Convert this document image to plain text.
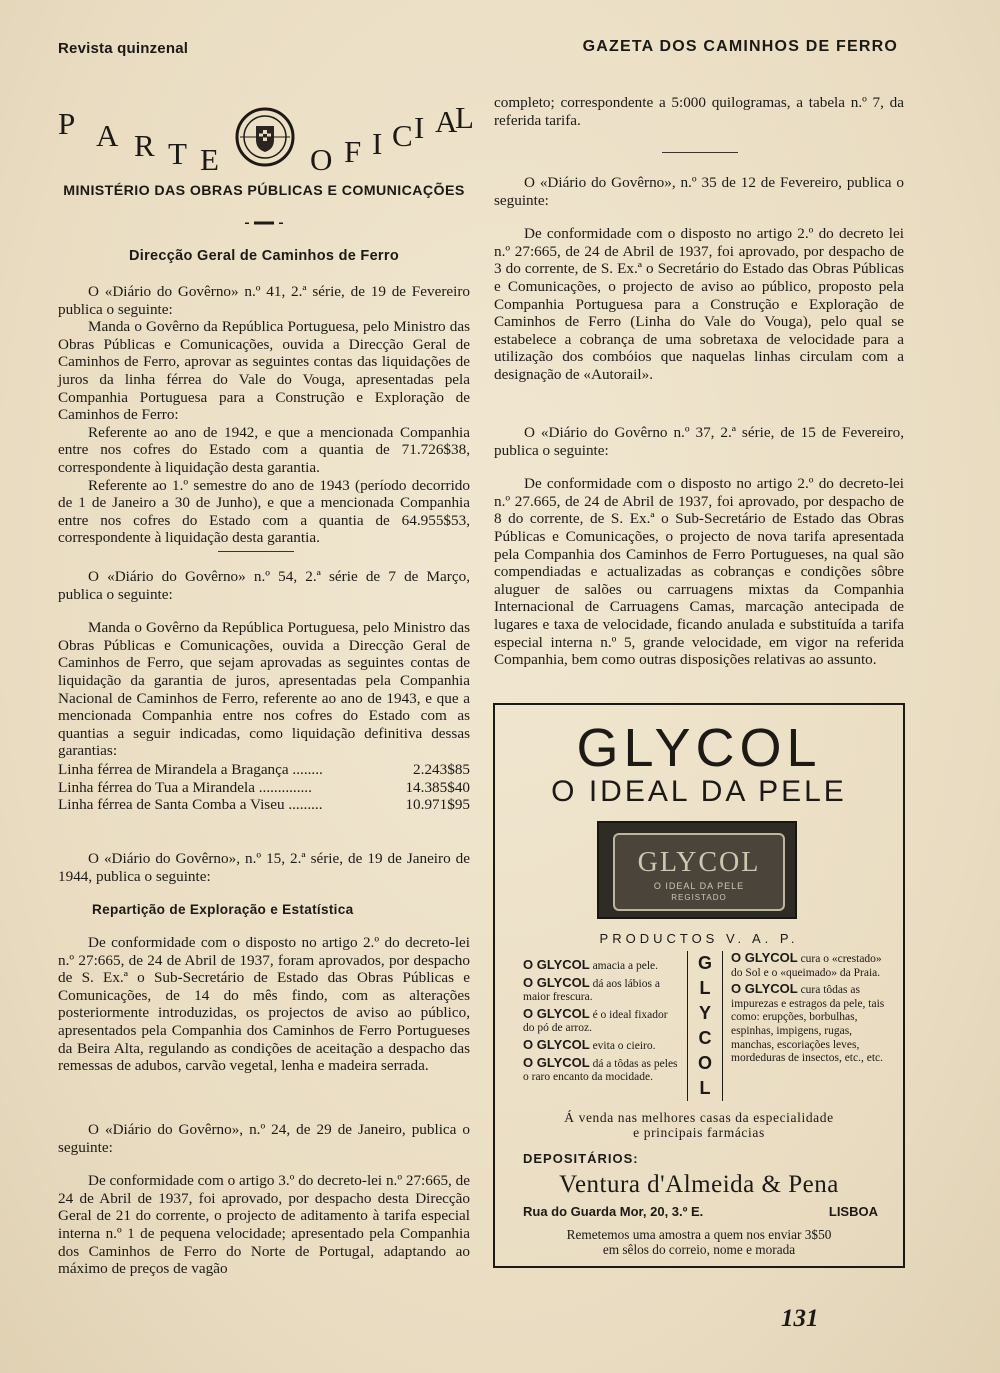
Revista quinzenal	GAZETA DOS CAMINHOS DE FERRO
P A R T E	O F I C I A
L
MINISTÉRIO DAS OBRAS PÚBLICAS E COMUNICAÇÕES
Direcção Geral de Caminhos de Ferro

O «Diário do Govêrno» n.º 41, 2.ª série, de 19 de Fevereiro publica o seguinte:

Manda o Govêrno da República Portuguesa, pelo Ministro das Obras Públicas e Comunicações, ouvida a Direcção Geral de Caminhos de Ferro, aprovar as seguintes contas das liquidações de juros da linha férrea do Vale do Vouga, apresentadas pela Companhia Portuguesa para a Construção e Exploração de Caminhos de Ferro:

Referente ao ano de 1942, e que a mencionada Companhia entre nos cofres do Estado com a quantia de 71.726$38, correspondente à liquidação desta garantia.

Referente ao 1.º semestre do ano de 1943 (período decorrido de 1 de Janeiro a 30 de Junho), e que a mencionada Companhia entre nos cofres do Estado com a quantia de 64.955$53, correspondente à liquidação desta garantia.

O «Diário do Govêrno» n.º 54, 2.ª série de 7 de Março, publica o seguinte:

Manda o Govêrno da República Portuguesa, pelo Ministro das Obras Públicas e Comunicações, ouvida a Direcção Geral de Caminhos de Ferro, que sejam aprovadas as seguintes contas de liquidação da garantia de juros, apresentadas pela Companhia Nacional de Caminhos de Ferro, referente ao ano de 1943, e que a mencionada Companhia entre nos cofres do Estado com as quantias a seguir indicadas, como liquidação definitiva dessas garantias:

Linha férrea de Mirandela a Bragança ........	2.243$85
Linha férrea do Tua a Mirandela ..............	14.385$40
Linha férrea de Santa Comba a Viseu .........	10.971$95

O «Diário do Govêrno», n.º 15, 2.ª série, de 19 de Janeiro de 1944, publica o seguinte:

Repartição de Exploração e Estatística

De conformidade com o disposto no artigo 2.º do decreto-lei n.º 27:665, de 24 de Abril de 1937, foram aprovados, por despacho de S. Ex.ª o Sub-Secretário de Estado das Obras Públicas e Comunicações, de 14 do mês findo, com as alterações posteriormente introduzidas, os projectos de aviso ao público, apresentados pela Companhia dos Caminhos de Ferro Portugueses da Beira Alta, regulando as condições de aceitação a despacho das remessas de adubos, carvão vegetal, lenha e madeira serrada.

O «Diário do Govêrno», n.º 24, de 29 de Janeiro, publica o seguinte:

De conformidade com o artigo 3.º do decreto-lei n.º 27:665, de 24 de Abril de 1937, foi aprovado, por despacho desta Direcção Geral de 21 do corrente, o projecto de aditamento à tarifa especial interna n.º 1 de pequena velocidade; apresentado pela Companhia dos Caminhos de Ferro do Norte de Portugal, adaptando ao máximo de preços de vagão

completo; correspondente a 5:000 quilogramas, a tabela n.º 7, da referida tarifa.

O «Diário do Govêrno», n.º 35 de 12 de Fevereiro, publica o seguinte:

De conformidade com o disposto no artigo 2.º do decreto lei n.º 27:665, de 24 de Abril de 1937, foi aprovado, por despacho de 3 do corrente, de S. Ex.ª o Secretário do Estado das Obras Públicas e Comunicações, o projecto de aviso ao público, proposto pela Companhia Portuguesa para a Construção e Exploração de Caminhos de Ferro (Linha do Vale do Vouga), pelo qual se estabelece a cobrança de uma sobretaxa de velocidade para a utilização dos combóios que naquelas linhas circulam com a designação de «Autorail».

O «Diário do Govêrno n.º 37, 2.ª série, de 15 de Fevereiro, publica o seguinte:

De conformidade com o disposto no artigo 2.º do decreto-lei n.º 27.665, de 24 de Abril de 1937, foi aprovado, por despacho de 8 do corrente, de S. Ex.ª o Sub-Secretário de Estado das Obras Públicas e Comunicações, o projecto de nova tarifa apresentada pela Companhia dos Caminhos de Ferro Portugueses, na qual são compendiadas e actualizadas as cobranças e condições sôbre aluguer de salões ou carruagens mixtas da Companhia Internacional de Carruagens Camas, marcação antecipada de lugares e taxa de velocidade, ficando anulada e substituída a tarifa especial interna n.º 5, grande velocidade, em vigor na referida Companhia, bem como outras disposições relativas ao assunto.

GLYCOL
O IDEAL DA PELE
GLYCOL
O IDEAL DA PELE
REGISTADO
PRODUCTOS V. A. P.
O GLYCOL amacia a pele.
O GLYCOL dá aos lábios a maior frescura.
O GLYCOL é o ideal fixador do pó de arroz.
O GLYCOL evita o cieiro.
O GLYCOL dá a tôdas as peles o raro encanto da mocidade.
G
L
Y
C
O
L
O GLYCOL cura o «crestado» do Sol e o «queimado» da Praia.
O GLYCOL cura tôdas as impurezas e estragos da pele, tais como: erupções, borbulhas, espinhas, impigens, rugas, manchas, escoriações leves, mordeduras de insectos, etc., etc.
Á venda nas melhores casas da especialidade
e principais farmácias
DEPOSITÁRIOS:
Ventura d'Almeida & Pena
Rua do Guarda Mor, 20, 3.º E.	LISBOA
Remetemos uma amostra a quem nos enviar 3$50
em sêlos do correio, nome e morada
131
